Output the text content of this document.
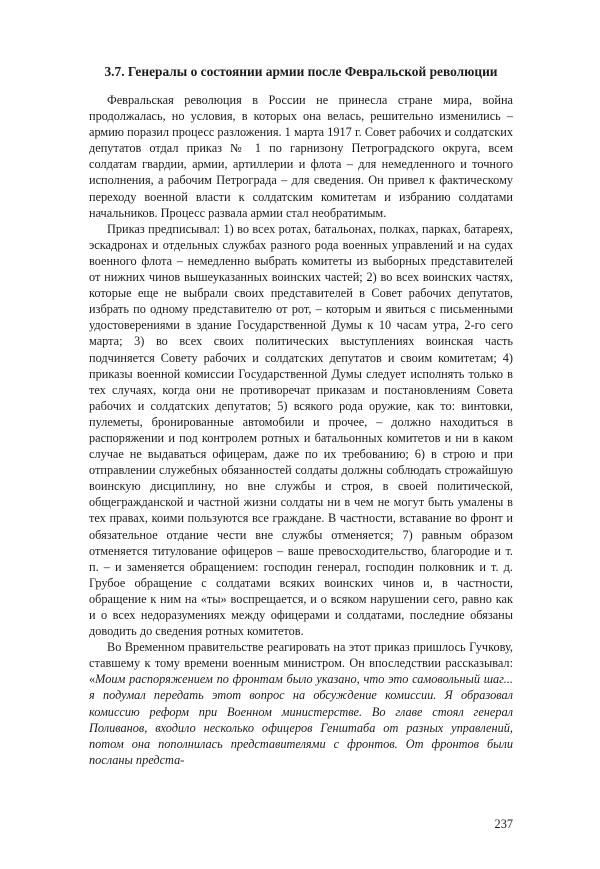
3.7. Генералы о состоянии армии после Февральской революции

Февральская революция в России не принесла стране мира, война продолжалась, но условия, в которых она велась, решительно изменились – армию поразил процесс разложения. 1 марта 1917 г. Совет рабочих и солдатских депутатов отдал приказ № 1 по гарнизону Петроградского округа, всем солдатам гвардии, армии, артиллерии и флота – для немедленного и точного исполнения, а рабочим Петрограда – для сведения. Он привел к фактическому переходу военной власти к солдатским комитетам и избранию солдатами начальников. Процесс развала армии стал необратимым.

Приказ предписывал: 1) во всех ротах, батальонах, полках, парках, батареях, эскадронах и отдельных службах разного рода военных управлений и на судах военного флота – немедленно выбрать комитеты из выборных представителей от нижних чинов вышеуказанных воинских частей; 2) во всех воинских частях, которые еще не выбрали своих представителей в Совет рабочих депутатов, избрать по одному представителю от рот, – которым и явиться с письменными удостоверениями в здание Государственной Думы к 10 часам утра, 2-го сего марта; 3) во всех своих политических выступлениях воинская часть подчиняется Совету рабочих и солдатских депутатов и своим комитетам; 4) приказы военной комиссии Государственной Думы следует исполнять только в тех случаях, когда они не противоречат приказам и постановлениям Совета рабочих и солдатских депутатов; 5) всякого рода оружие, как то: винтовки, пулеметы, бронированные автомобили и прочее, – должно находиться в распоряжении и под контролем ротных и батальонных комитетов и ни в каком случае не выдаваться офицерам, даже по их требованию; 6) в строю и при отправлении служебных обязанностей солдаты должны соблюдать строжайшую воинскую дисциплину, но вне службы и строя, в своей политической, общегражданской и частной жизни солдаты ни в чем не могут быть умалены в тех правах, коими пользуются все граждане. В частности, вставание во фронт и обязательное отдание чести вне службы отменяется; 7) равным образом отменяется титулование офицеров – ваше превосходительство, благородие и т. п. – и заменяется обращением: господин генерал, господин полковник и т. д. Грубое обращение с солдатами всяких воинских чинов и, в частности, обращение к ним на «ты» воспрещается, и о всяком нарушении сего, равно как и о всех недоразумениях между офицерами и солдатами, последние обязаны доводить до сведения ротных комитетов.

Во Временном правительстве реагировать на этот приказ пришлось Гучкову, ставшему к тому времени военным министром. Он впоследствии рассказывал: «Моим распоряжением по фронтам было указано, что это самовольный шаг... я подумал передать этот вопрос на обсуждение комиссии. Я образовал комиссию реформ при Военном министерстве. Во главе стоял генерал Поливанов, входило несколько офицеров Генштаба от разных управлений, потом она пополнилась представителями с фронтов. От фронтов были посланы предста-

237
